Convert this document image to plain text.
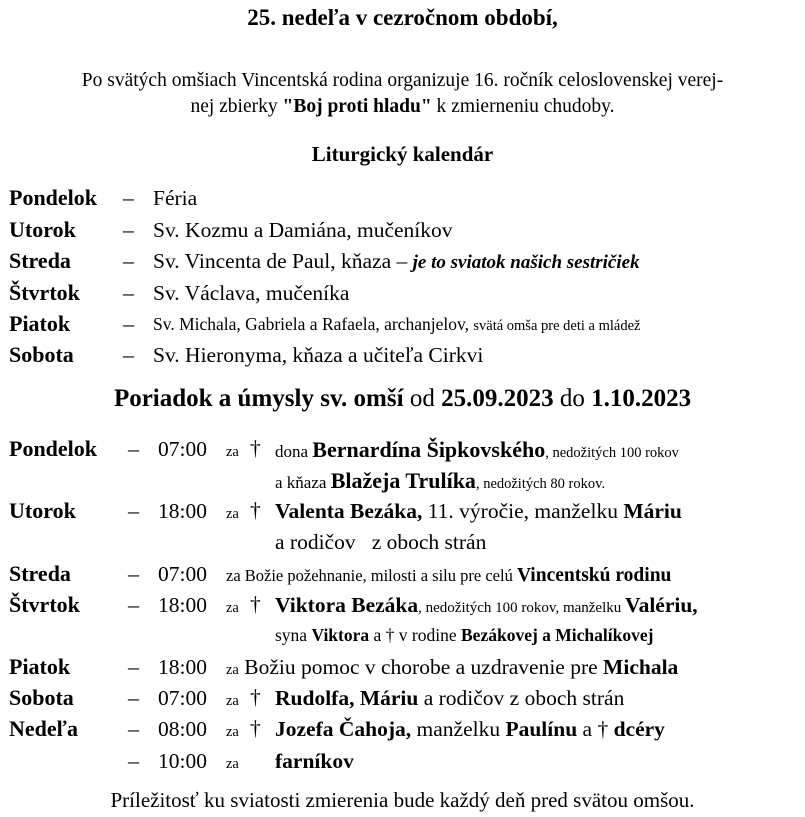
25. nedeľa v cezročnom období,
Po svätých omšiach Vincentská rodina organizuje 16. ročník celoslovenskej verej-
nej zbierky "Boj proti hladu" k zmierneniu chudoby.
Liturgický kalendár
Pondelok – Féria
Utorok – Sv. Kozmu a Damiána, mučeníkov
Streda – Sv. Vincenta de Paul, kňaza – je to sviatok našich sestričiek
Štvrtok – Sv. Václava, mučeníka
Piatok – Sv. Michala, Gabriela a Rafaela, archanjelov, svätá omša pre deti a mládež
Sobota – Sv. Hieronyma, kňaza a učiteľa Cirkvi
Poriadok a úmysly sv. omší od 25.09.2023 do 1.10.2023
Pondelok – 07:00 za † dona Bernardína Šipkovského, nedožitých 100 rokov
a kňaza Blažeja Trulíka, nedožitých 80 rokov.
Utorok – 18:00 za † Valenta Bezáka, 11. výročie, manželku Máriu
a rodičov   z oboch strán
Streda	– 07:00 za Božie požehnanie, milosti a silu pre celú Vincentskú rodinu
Štvrtok – 18:00 za † Viktora Bezáka, nedožitých 100 rokov, manželku Valériu,
syna Viktora a † v rodine Bezákovej a Michalíkovej
Piatok	– 18:00 za Božiu pomoc v chorobe a uzdravenie pre Michala
Sobota – 07:00 za † Rudolfa, Máriu a rodičov z oboch strán
Nedeľa – 08:00 za † Jozefa Čahoja, manželku Paulínu a † dcéry
– 10:00 za farníkov
Príležitosť ku sviatosti zmierenia bude každý deň pred svätou omšou.
